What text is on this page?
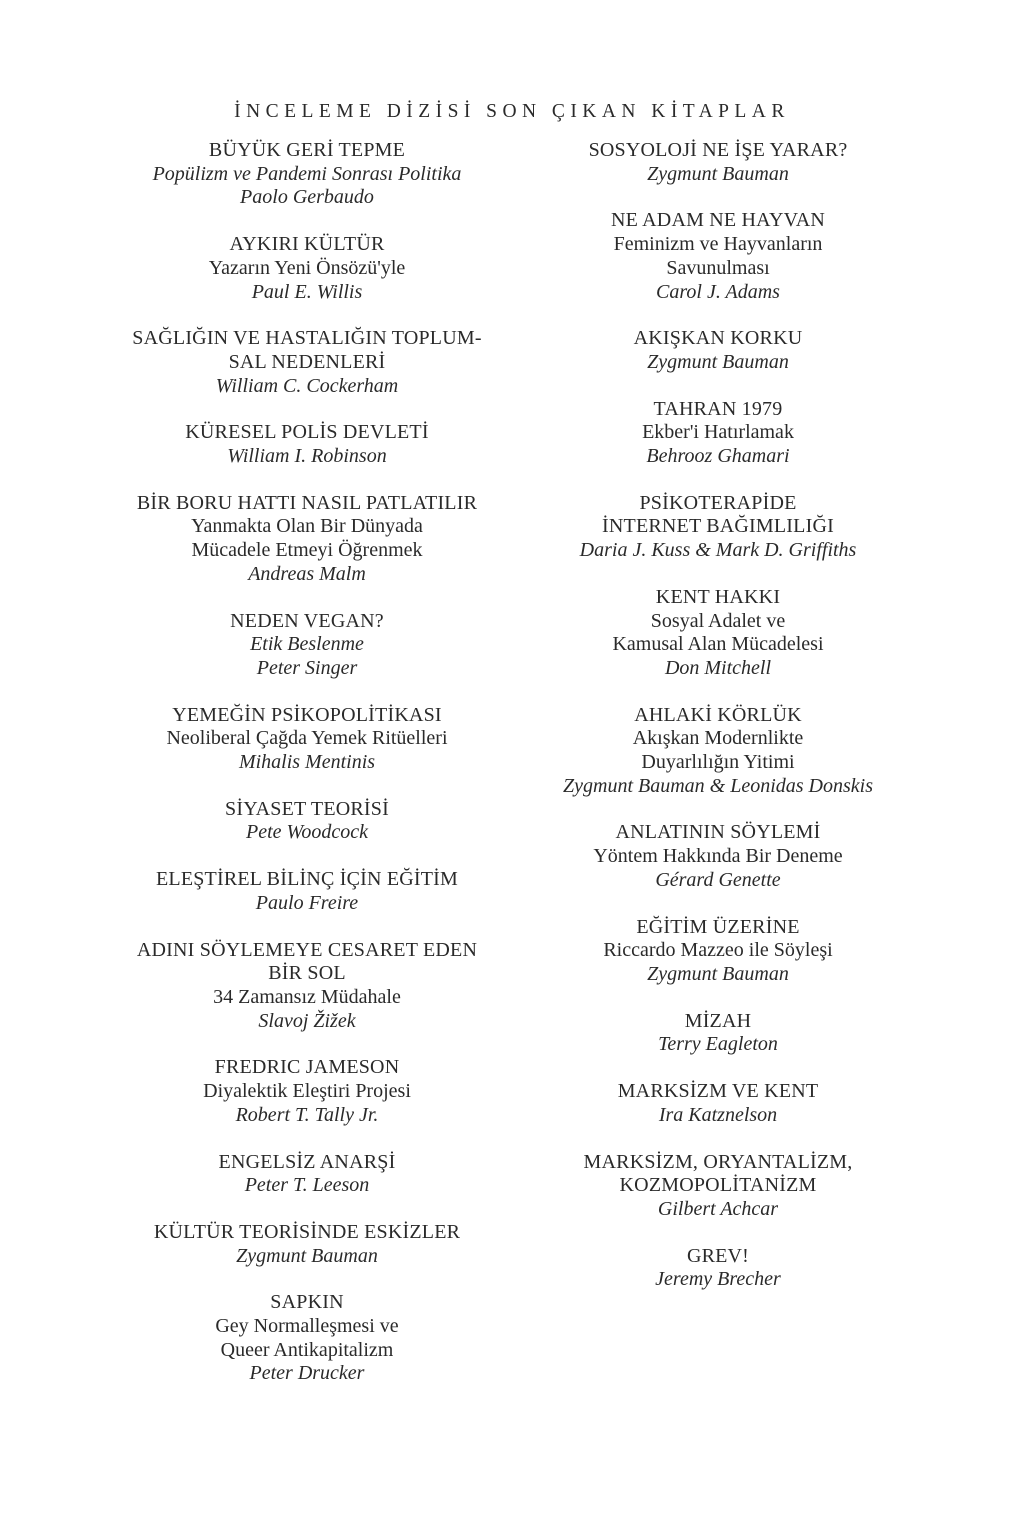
İNCELEME DİZİSİ SON ÇIKAN KİTAPLAR
BÜYÜK GERİ TEPME
Popülizm ve Pandemi Sonrası Politika
Paolo Gerbaudo
AYKIRI KÜLTÜR
Yazarın Yeni Önsözü'yle
Paul E. Willis
SAĞLIĞIN VE HASTALIĞIN TOPLUM-
SAL NEDENLERİ
William C. Cockerham
KÜRESEL POLİS DEVLETİ
William I. Robinson
BİR BORU HATTI NASIL PATLATILIR
Yanmakta Olan Bir Dünyada
Mücadele Etmeyi Öğrenmek
Andreas Malm
NEDEN VEGAN?
Etik Beslenme
Peter Singer
YEMEĞİN PSİKOPOLİTİKASI
Neoliberal Çağda Yemek Ritüelleri
Mihalis Mentinis
SİYASET TEORİSİ
Pete Woodcock
ELEŞTİREL BİLİNÇ İÇİN EĞİTİM
Paulo Freire
ADINI SÖYLEMEYE CESARET EDEN
BİR SOL
34 Zamansız Müdahale
Slavoj Žižek
FREDRIC JAMESON
Diyalektik Eleştiri Projesi
Robert T. Tally Jr.
ENGELSİZ ANARŞİ
Peter T. Leeson
KÜLTÜR TEORİSİNDE ESKİZLER
Zygmunt Bauman
SAPKIN
Gey Normalleşmesi ve
Queer Antikapitalizm
Peter Drucker
SOSYOLOJİ NE İŞE YARAR?
Zygmunt Bauman
NE ADAM NE HAYVAN
Feminizm ve Hayvanların
Savunulması
Carol J. Adams
AKIŞKAN KORKU
Zygmunt Bauman
TAHRAN 1979
Ekber'i Hatırlamak
Behrooz Ghamari
PSİKOTERAPİDE
İNTERNET BAĞIMLILIĞI
Daria J. Kuss & Mark D. Griffiths
KENT HAKKI
Sosyal Adalet ve
Kamusal Alan Mücadelesi
Don Mitchell
AHLAKİ KÖRLÜK
Akışkan Modernlikte
Duyarlılığın Yitimi
Zygmunt Bauman & Leonidas Donskis
ANLATININ SÖYLEMİ
Yöntem Hakkında Bir Deneme
Gérard Genette
EĞİTİM ÜZERİNE
Riccardo Mazzeo ile Söyleşi
Zygmunt Bauman
MİZAH
Terry Eagleton
MARKSİZM VE KENT
Ira Katznelson
MARKSİZM, ORYANTALİZM,
KOZMOPOLİTANİZM
Gilbert Achcar
GREV!
Jeremy Brecher
